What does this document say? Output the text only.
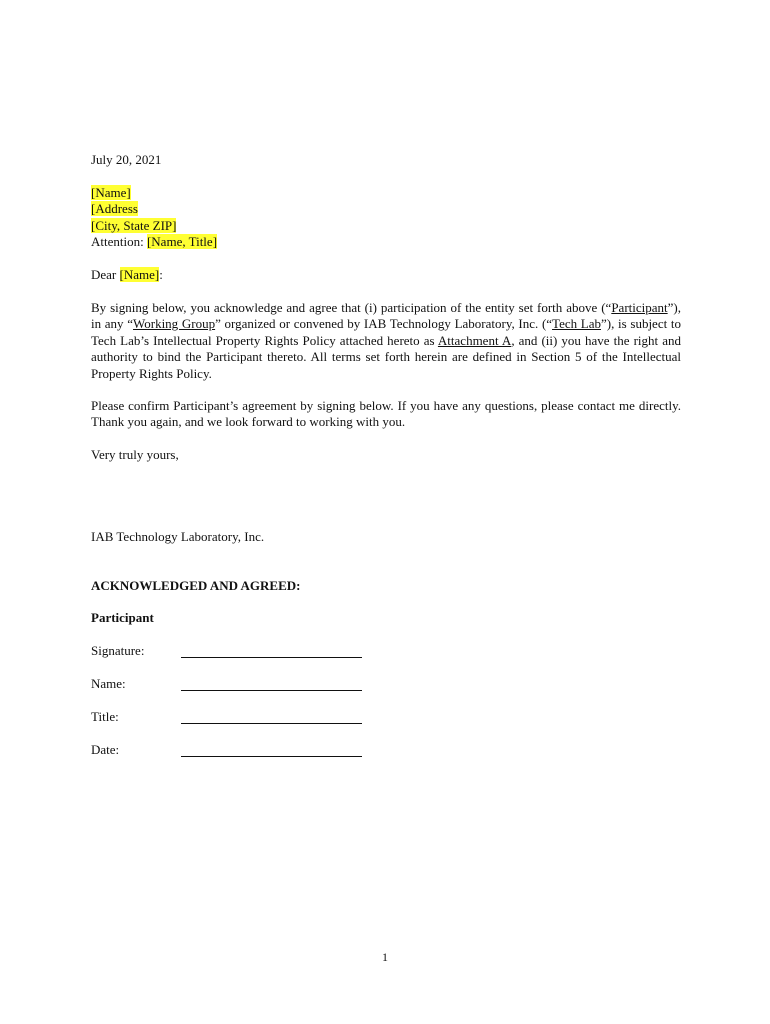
July 20, 2021
[Name]
[Address
[City, State ZIP]
Attention: [Name, Title]
Dear [Name]:

By signing below, you acknowledge and agree that (i) participation of the entity set forth above (“Participant”), in any “Working Group” organized or convened by IAB Technology Laboratory, Inc. (“Tech Lab”), is subject to Tech Lab’s Intellectual Property Rights Policy attached hereto as Attachment A, and (ii) you have the right and authority to bind the Participant thereto. All terms set forth herein are defined in Section 5 of the Intellectual Property Rights Policy.

Please confirm Participant’s agreement by signing below. If you have any questions, please contact me directly. Thank you again, and we look forward to working with you.

Very truly yours,
IAB Technology Laboratory, Inc.
ACKNOWLEDGED AND AGREED:
Participant
Signature:
Name:
Title:
Date:
1
